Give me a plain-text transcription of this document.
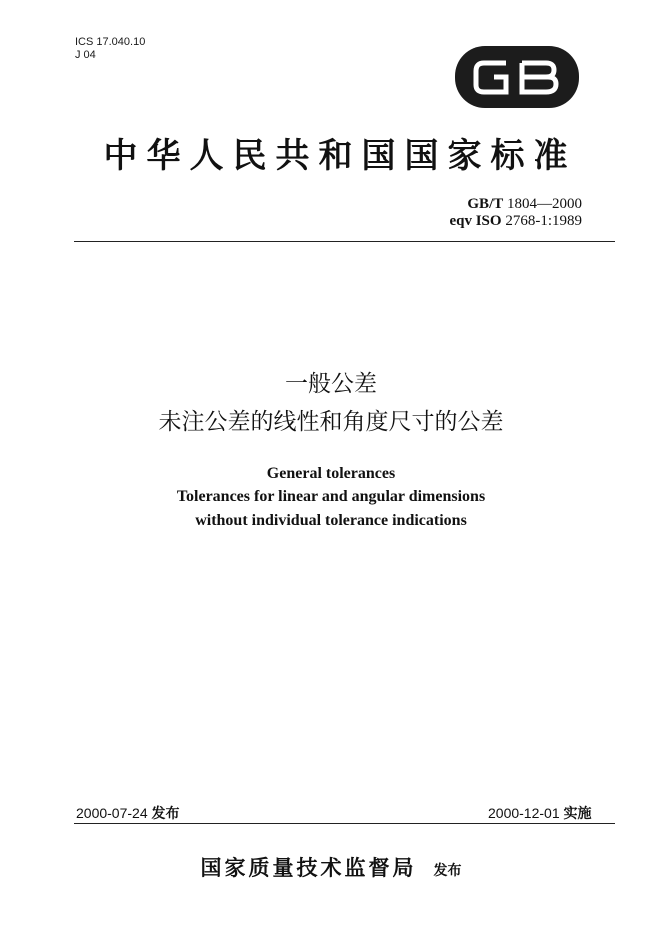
ICS 17.040.10
J 04
GB
中华人民共和国国家标准
GB/T 1804—2000
eqv ISO 2768-1:1989
一般公差
未注公差的线性和角度尺寸的公差
General tolerances
Tolerances for linear and angular dimensions
without individual tolerance indications
2000-07-24 发布	2000-12-01 实施
国家质量技术监督局 发布
